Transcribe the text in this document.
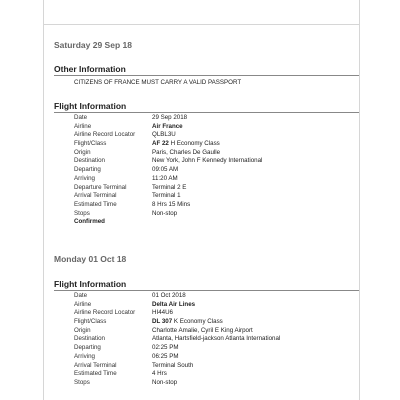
Saturday 29 Sep 18
Other Information
CITIZENS OF FRANCE MUST CARRY A VALID PASSPORT
Flight Information
Date	29 Sep 2018
Airline	Air France
Airline Record Locator	QLBL3U
Flight/Class	AF 22 H Economy Class
Origin	Paris, Charles De Gaulle
Destination	New York, John F Kennedy International
Departing	09:05 AM
Arriving	11:20 AM
Departure Terminal	Terminal 2 E
Arrival Terminal	Terminal 1
Estimated Time	8 Hrs 15 Mins
Stops	Non-stop
Confirmed
Monday 01 Oct 18
Flight Information
Date	01 Oct 2018
Airline	Delta Air Lines
Airline Record Locator	HI44U6
Flight/Class	DL 307 K Economy Class
Origin	Charlotte Amalie, Cyril E King Airport
Destination	Atlanta, Hartsfield-jackson Atlanta International
Departing	02:25 PM
Arriving	06:25 PM
Arrival Terminal	Terminal South
Estimated Time	4 Hrs
Stops	Non-stop
